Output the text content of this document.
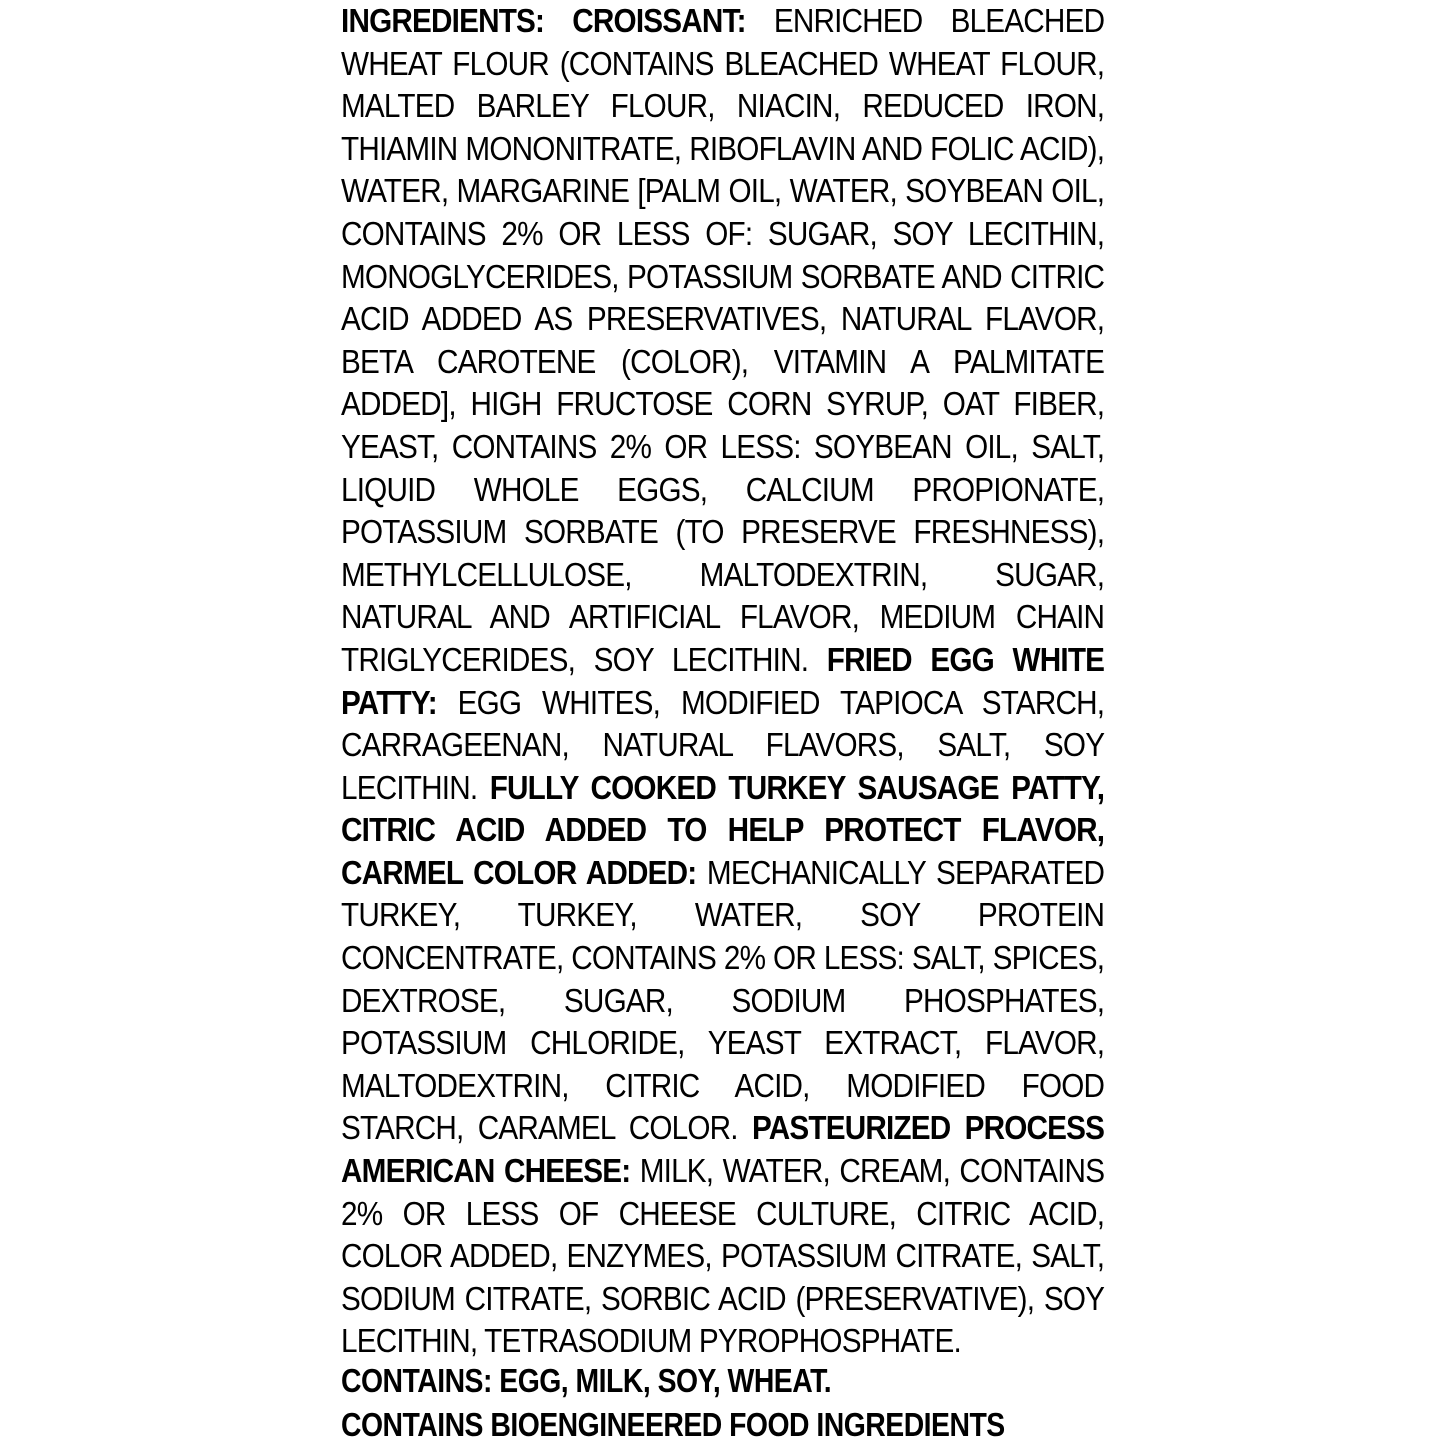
INGREDIENTS: CROISSANT: ENRICHED BLEACHED WHEAT FLOUR (CONTAINS BLEACHED WHEAT FLOUR, MALTED BARLEY FLOUR, NIACIN, REDUCED IRON, THIAMIN MONONITRATE, RIBOFLAVIN AND FOLIC ACID), WATER, MARGARINE [PALM OIL, WATER, SOYBEAN OIL, CONTAINS 2% OR LESS OF: SUGAR, SOY LECITHIN, MONOGLYCERIDES, POTASSIUM SORBATE AND CITRIC ACID ADDED AS PRESERVATIVES, NATURAL FLAVOR, BETA CAROTENE (COLOR), VITAMIN A PALMITATE ADDED], HIGH FRUCTOSE CORN SYRUP, OAT FIBER, YEAST, CONTAINS 2% OR LESS: SOYBEAN OIL, SALT, LIQUID WHOLE EGGS, CALCIUM PROPIONATE, POTASSIUM SORBATE (TO PRESERVE FRESHNESS), METHYLCELLULOSE, MALTODEXTRIN, SUGAR, NATURAL AND ARTIFICIAL FLAVOR, MEDIUM CHAIN TRIGLYCERIDES, SOY LECITHIN. FRIED EGG WHITE PATTY: EGG WHITES, MODIFIED TAPIOCA STARCH, CARRAGEENAN, NATURAL FLAVORS, SALT, SOY LECITHIN. FULLY COOKED TURKEY SAUSAGE PATTY, CITRIC ACID ADDED TO HELP PROTECT FLAVOR, CARMEL COLOR ADDED: MECHANICALLY SEPARATED TURKEY, TURKEY, WATER, SOY PROTEIN CONCENTRATE, CONTAINS 2% OR LESS: SALT, SPICES, DEXTROSE, SUGAR, SODIUM PHOSPHATES, POTASSIUM CHLORIDE, YEAST EXTRACT, FLAVOR, MALTODEXTRIN, CITRIC ACID, MODIFIED FOOD STARCH, CARAMEL COLOR. PASTEURIZED PROCESS AMERICAN CHEESE: MILK, WATER, CREAM, CONTAINS 2% OR LESS OF CHEESE CULTURE, CITRIC ACID, COLOR ADDED, ENZYMES, POTASSIUM CITRATE, SALT, SODIUM CITRATE, SORBIC ACID (PRESERVATIVE), SOY LECITHIN, TETRASODIUM PYROPHOSPHATE.

CONTAINS: EGG, MILK, SOY, WHEAT.

CONTAINS BIOENGINEERED FOOD INGREDIENTS
